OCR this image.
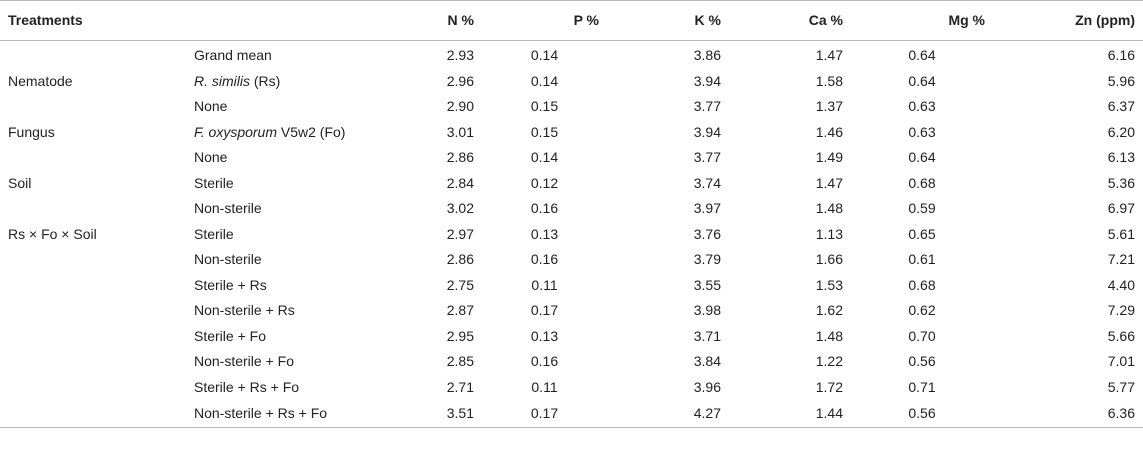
Treatments		N %	P %	K %	Ca %	Mg %	Zn (ppm)
	Grand mean	2.93	0.14	3.86	1.47	0.64	6.16
Nematode	R. similis (Rs)	2.96	0.14	3.94	1.58	0.64	5.96
	None	2.90	0.15	3.77	1.37	0.63	6.37
Fungus	F. oxysporum V5w2 (Fo)	3.01	0.15	3.94	1.46	0.63	6.20
	None	2.86	0.14	3.77	1.49	0.64	6.13
Soil	Sterile	2.84	0.12	3.74	1.47	0.68	5.36
	Non-sterile	3.02	0.16	3.97	1.48	0.59	6.97
Rs × Fo × Soil	Sterile	2.97	0.13	3.76	1.13	0.65	5.61
	Non-sterile	2.86	0.16	3.79	1.66	0.61	7.21
	Sterile + Rs	2.75	0.11	3.55	1.53	0.68	4.40
	Non-sterile + Rs	2.87	0.17	3.98	1.62	0.62	7.29
	Sterile + Fo	2.95	0.13	3.71	1.48	0.70	5.66
	Non-sterile + Fo	2.85	0.16	3.84	1.22	0.56	7.01
	Sterile + Rs + Fo	2.71	0.11	3.96	1.72	0.71	5.77
	Non-sterile + Rs + Fo	3.51	0.17	4.27	1.44	0.56	6.36
